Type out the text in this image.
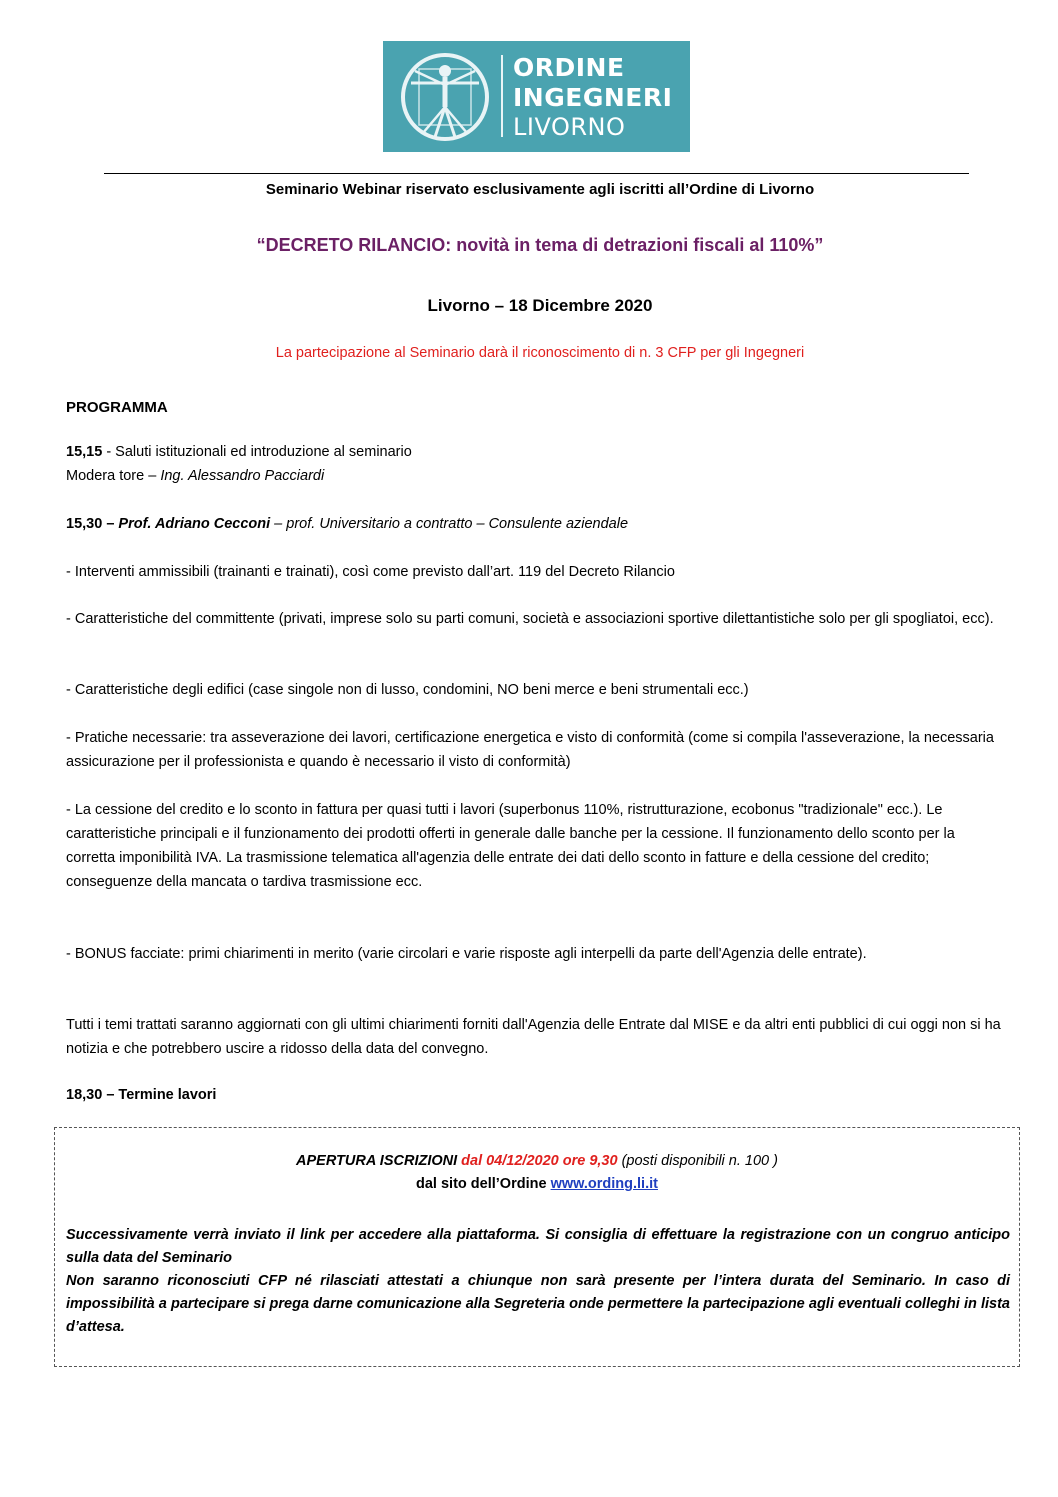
ORDINE
INGEGNERI
LIVORNO
Seminario Webinar riservato esclusivamente agli iscritti all’Ordine di Livorno
“DECRETO RILANCIO: novità in tema di detrazioni fiscali al 110%”
Livorno – 18 Dicembre 2020
La partecipazione al Seminario darà il riconoscimento di n. 3 CFP per gli Ingegneri
PROGRAMMA
15,15 - Saluti istituzionali ed introduzione al seminario
Modera tore – Ing. Alessandro Pacciardi
15,30 – Prof. Adriano Cecconi – prof. Universitario a contratto – Consulente aziendale
- Interventi ammissibili (trainanti e trainati), così come previsto dall’art. 119 del Decreto Rilancio
- Caratteristiche del committente (privati, imprese solo su parti comuni, società e associazioni sportive dilettantistiche solo per gli spogliatoi, ecc).
- Caratteristiche degli edifici (case singole non di lusso, condomini, NO beni merce e beni strumentali ecc.)
- Pratiche necessarie: tra asseverazione dei lavori, certificazione energetica e visto di conformità (come si compila l'asseverazione, la necessaria assicurazione per il professionista e quando è necessario il visto di conformità)
- La cessione del credito e lo sconto in fattura per quasi tutti i lavori (superbonus 110%, ristrutturazione, ecobonus "tradizionale" ecc.). Le caratteristiche principali e il funzionamento dei prodotti offerti in generale dalle banche per la cessione. Il funzionamento dello sconto per la corretta imponibilità IVA. La trasmissione telematica all'agenzia delle entrate dei dati dello sconto in fatture e della cessione del credito; conseguenze della mancata o tardiva trasmissione ecc.
- BONUS facciate: primi chiarimenti in merito (varie circolari e varie risposte agli interpelli da parte dell'Agenzia delle entrate).
Tutti i temi trattati saranno aggiornati con gli ultimi chiarimenti forniti dall'Agenzia delle Entrate dal MISE e da altri enti pubblici di cui oggi non si ha notizia e che potrebbero uscire a ridosso della data del convegno.
18,30 – Termine lavori
APERTURA ISCRIZIONI dal 04/12/2020 ore 9,30 (posti disponibili n. 100 )
dal sito dell’Ordine www.ording.li.it
Successivamente verrà inviato il link per accedere alla piattaforma. Si consiglia di effettuare la registrazione con un congruo anticipo sulla data del Seminario
Non saranno riconosciuti CFP né rilasciati attestati a chiunque non sarà presente per l’intera durata del Seminario. In caso di impossibilità a partecipare si prega darne comunicazione alla Segreteria onde permettere la partecipazione agli eventuali colleghi in lista d’attesa.
